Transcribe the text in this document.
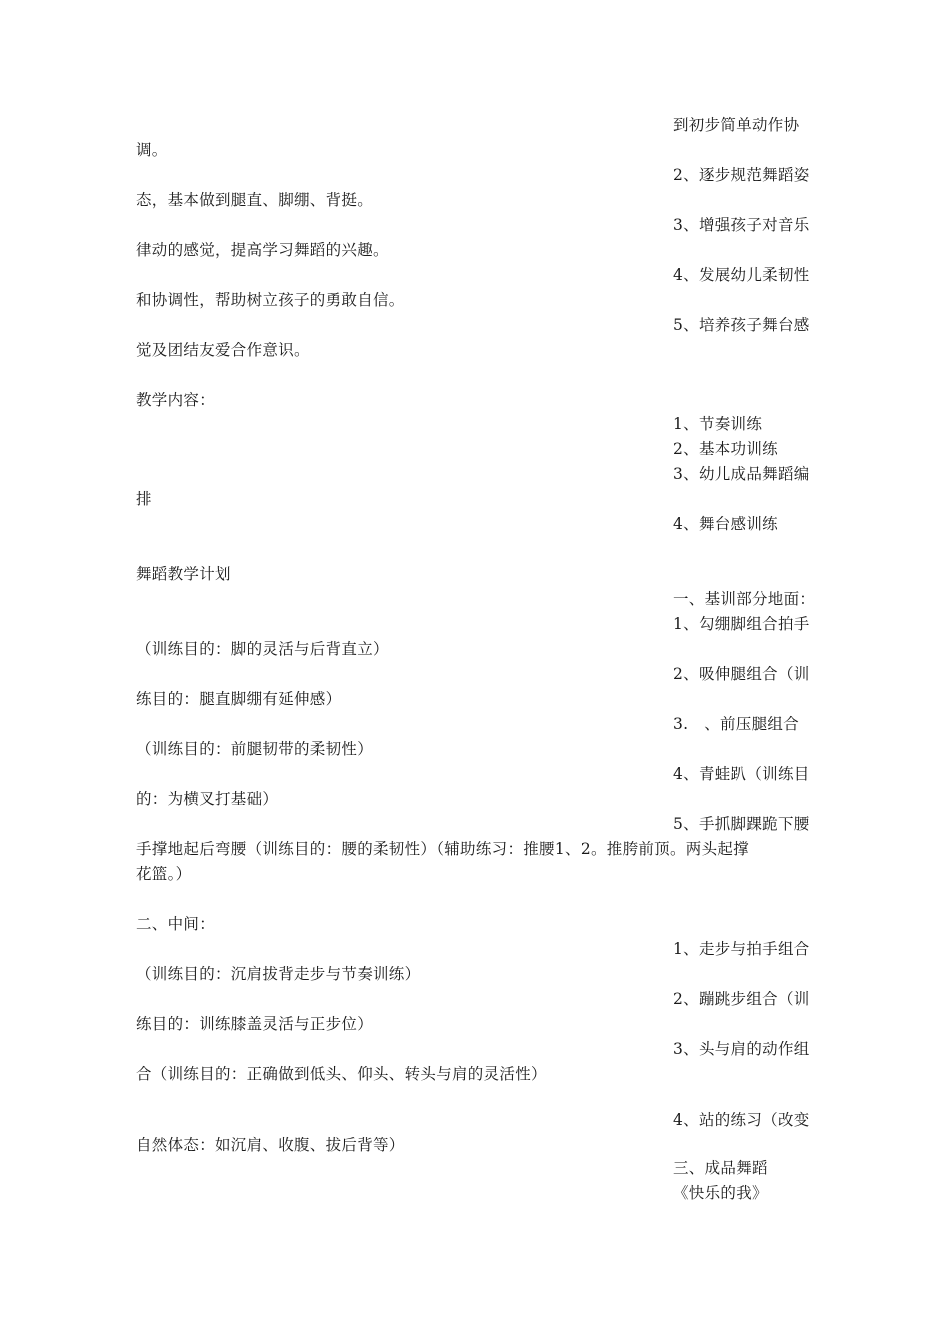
到初步简单动作协
调。
2、逐步规范舞蹈姿
态，基本做到腿直、脚绷、背挺。
3、增强孩子对音乐
律动的感觉，提高学习舞蹈的兴趣。
4、发展幼儿柔韧性
和协调性，帮助树立孩子的勇敢自信。
5、培养孩子舞台感
觉及团结友爱合作意识。
教学内容：
1、节奏训练
2、基本功训练
3、幼儿成品舞蹈编
排
4、舞台感训练
舞蹈教学计划
一、基训部分地面：
1、勾绷脚组合拍手
（训练目的：脚的灵活与后背直立）
2、吸伸腿组合（训
练目的：腿直脚绷有延伸感）
3.　、前压腿组合
（训练目的：前腿韧带的柔韧性）
4、青蛙趴（训练目
的：为横叉打基础）
5、手抓脚踝跪下腰
手撑地起后弯腰（训练目的：腰的柔韧性）（辅助练习：推腰1、2。推胯前顶。两头起撑
花篮。）
二、中间：
1、走步与拍手组合
（训练目的：沉肩拔背走步与节奏训练）
2、蹦跳步组合（训
练目的：训练膝盖灵活与正步位）
3、头与肩的动作组
合（训练目的：正确做到低头、仰头、转头与肩的灵活性）
4、站的练习（改变
自然体态：如沉肩、收腹、拔后背等）
三、成品舞蹈
《快乐的我》
